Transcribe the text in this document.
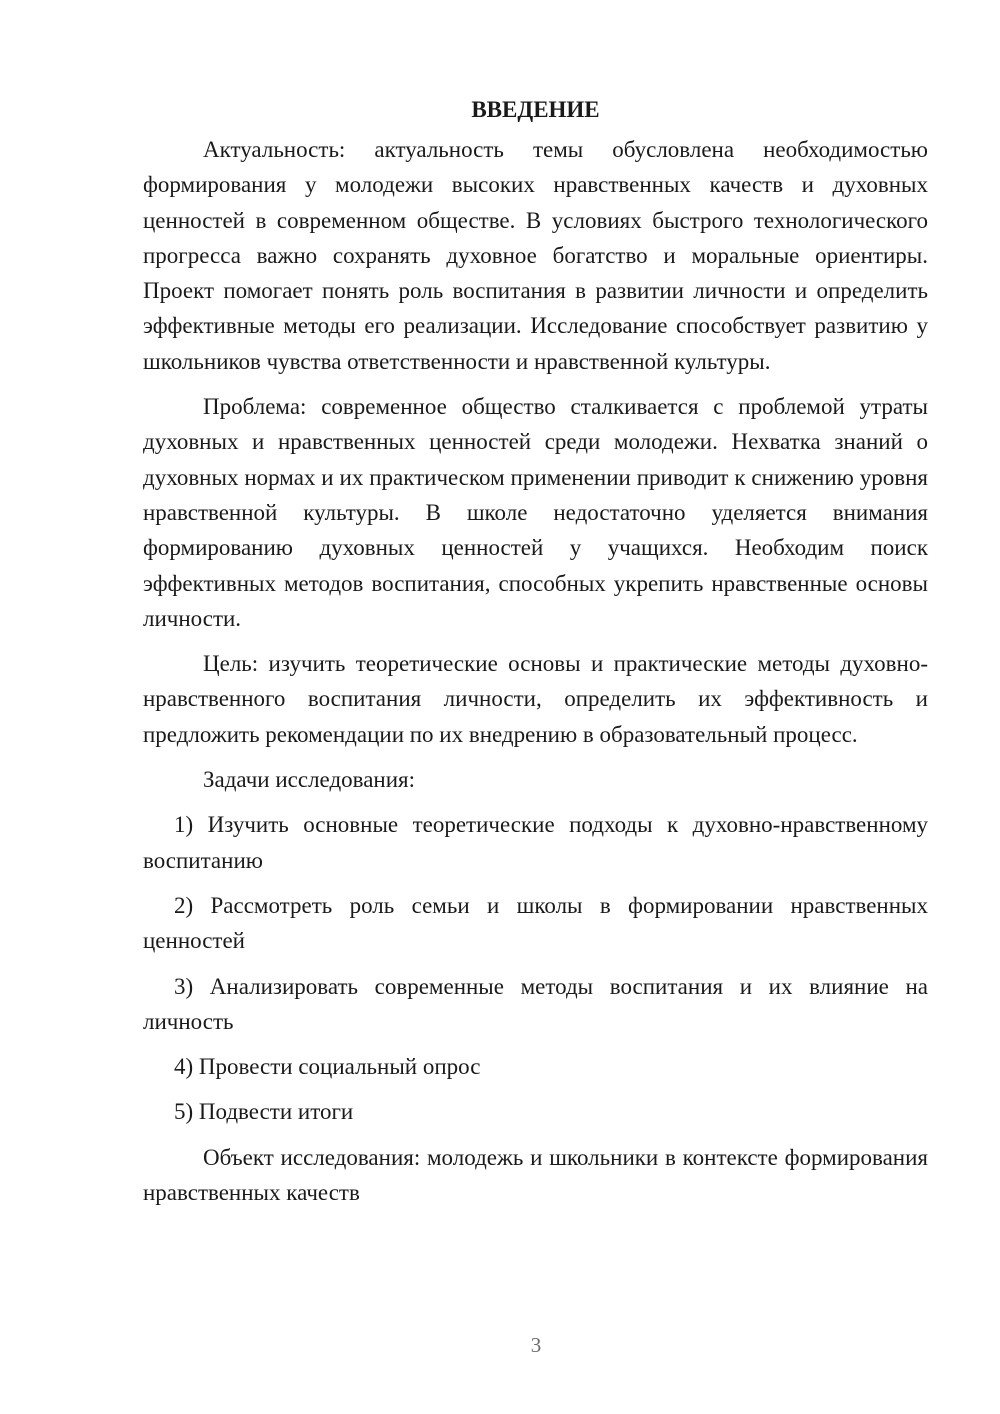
ВВЕДЕНИЕ

Актуальность: актуальность темы обусловлена необходимостью формирования у молодежи высоких нравственных качеств и духовных ценностей в современном обществе. В условиях быстрого технологического прогресса важно сохранять духовное богатство и моральные ориентиры. Проект помогает понять роль воспитания в развитии личности и определить эффективные методы его реализации. Исследование способствует развитию у школьников чувства ответственности и нравственной культуры.

Проблема: современное общество сталкивается с проблемой утраты духовных и нравственных ценностей среди молодежи. Нехватка знаний о духовных нормах и их практическом применении приводит к снижению уровня нравственной культуры. В школе недостаточно уделяется внимания формированию духовных ценностей у учащихся. Необходим поиск эффективных методов воспитания, способных укрепить нравственные основы личности.

Цель: изучить теоретические основы и практические методы духовно-нравственного воспитания личности, определить их эффективность и предложить рекомендации по их внедрению в образовательный процесс.

Задачи исследования:

1) Изучить основные теоретические подходы к духовно-нравственному воспитанию

2) Рассмотреть роль семьи и школы в формировании нравственных ценностей

3) Анализировать современные методы воспитания и их влияние на личность

4) Провести социальный опрос

5) Подвести итоги

Объект исследования: молодежь и школьники в контексте формирования нравственных качеств

3
